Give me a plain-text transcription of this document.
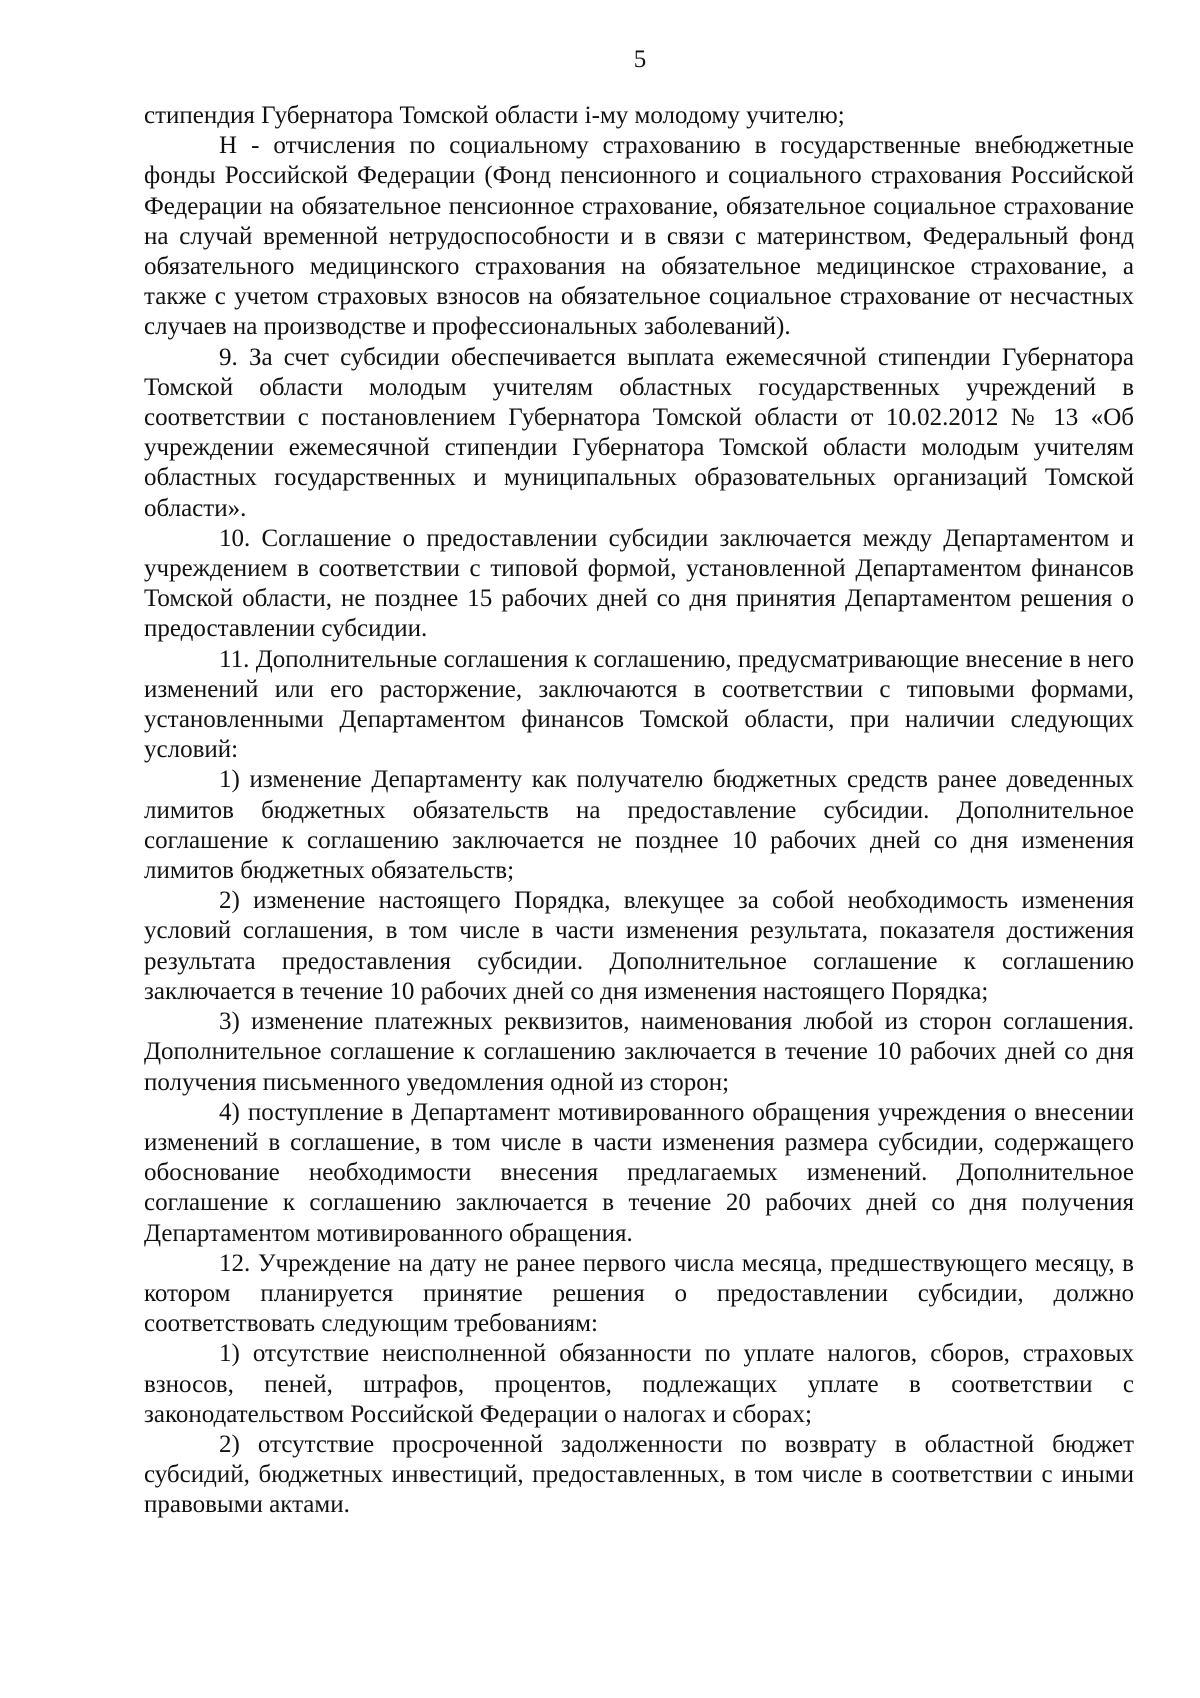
5

стипендия Губернатора Томской области i-му молодому учителю;

Н - отчисления по социальному страхованию в государственные внебюджетные фонды Российской Федерации (Фонд пенсионного и социального страхования Российской Федерации на обязательное пенсионное страхование, обязательное социальное страхование на случай временной нетрудоспособности и в связи с материнством, Федеральный фонд обязательного медицинского страхования на обязательное медицинское страхование, а также с учетом страховых взносов на обязательное социальное страхование от несчастных случаев на производстве и профессиональных заболеваний).

9. За счет субсидии обеспечивается выплата ежемесячной стипендии Губернатора Томской области молодым учителям областных государственных учреждений в соответствии с постановлением Губернатора Томской области от 10.02.2012 № 13 «Об учреждении ежемесячной стипендии Губернатора Томской области молодым учителям областных государственных и муниципальных образовательных организаций Томской области».

10. Соглашение о предоставлении субсидии заключается между Департаментом и учреждением в соответствии с типовой формой, установленной Департаментом финансов Томской области, не позднее 15 рабочих дней со дня принятия Департаментом решения о предоставлении субсидии.

11. Дополнительные соглашения к соглашению, предусматривающие внесение в него изменений или его расторжение, заключаются в соответствии с типовыми формами, установленными Департаментом финансов Томской области, при наличии следующих условий:

1) изменение Департаменту как получателю бюджетных средств ранее доведенных лимитов бюджетных обязательств на предоставление субсидии. Дополнительное соглашение к соглашению заключается не позднее 10 рабочих дней со дня изменения лимитов бюджетных обязательств;

2) изменение настоящего Порядка, влекущее за собой необходимость изменения условий соглашения, в том числе в части изменения результата, показателя достижения результата предоставления субсидии. Дополнительное соглашение к соглашению заключается в течение 10 рабочих дней со дня изменения настоящего Порядка;

3) изменение платежных реквизитов, наименования любой из сторон соглашения. Дополнительное соглашение к соглашению заключается в течение 10 рабочих дней со дня получения письменного уведомления одной из сторон;

4) поступление в Департамент мотивированного обращения учреждения о внесении изменений в соглашение, в том числе в части изменения размера субсидии, содержащего обоснование необходимости внесения предлагаемых изменений. Дополнительное соглашение к соглашению заключается в течение 20 рабочих дней со дня получения Департаментом мотивированного обращения.

12. Учреждение на дату не ранее первого числа месяца, предшествующего месяцу, в котором планируется принятие решения о предоставлении субсидии, должно соответствовать следующим требованиям:

1) отсутствие неисполненной обязанности по уплате налогов, сборов, страховых взносов, пеней, штрафов, процентов, подлежащих уплате в соответствии с законодательством Российской Федерации о налогах и сборах;

2) отсутствие просроченной задолженности по возврату в областной бюджет субсидий, бюджетных инвестиций, предоставленных, в том числе в соответствии с иными правовыми актами.
